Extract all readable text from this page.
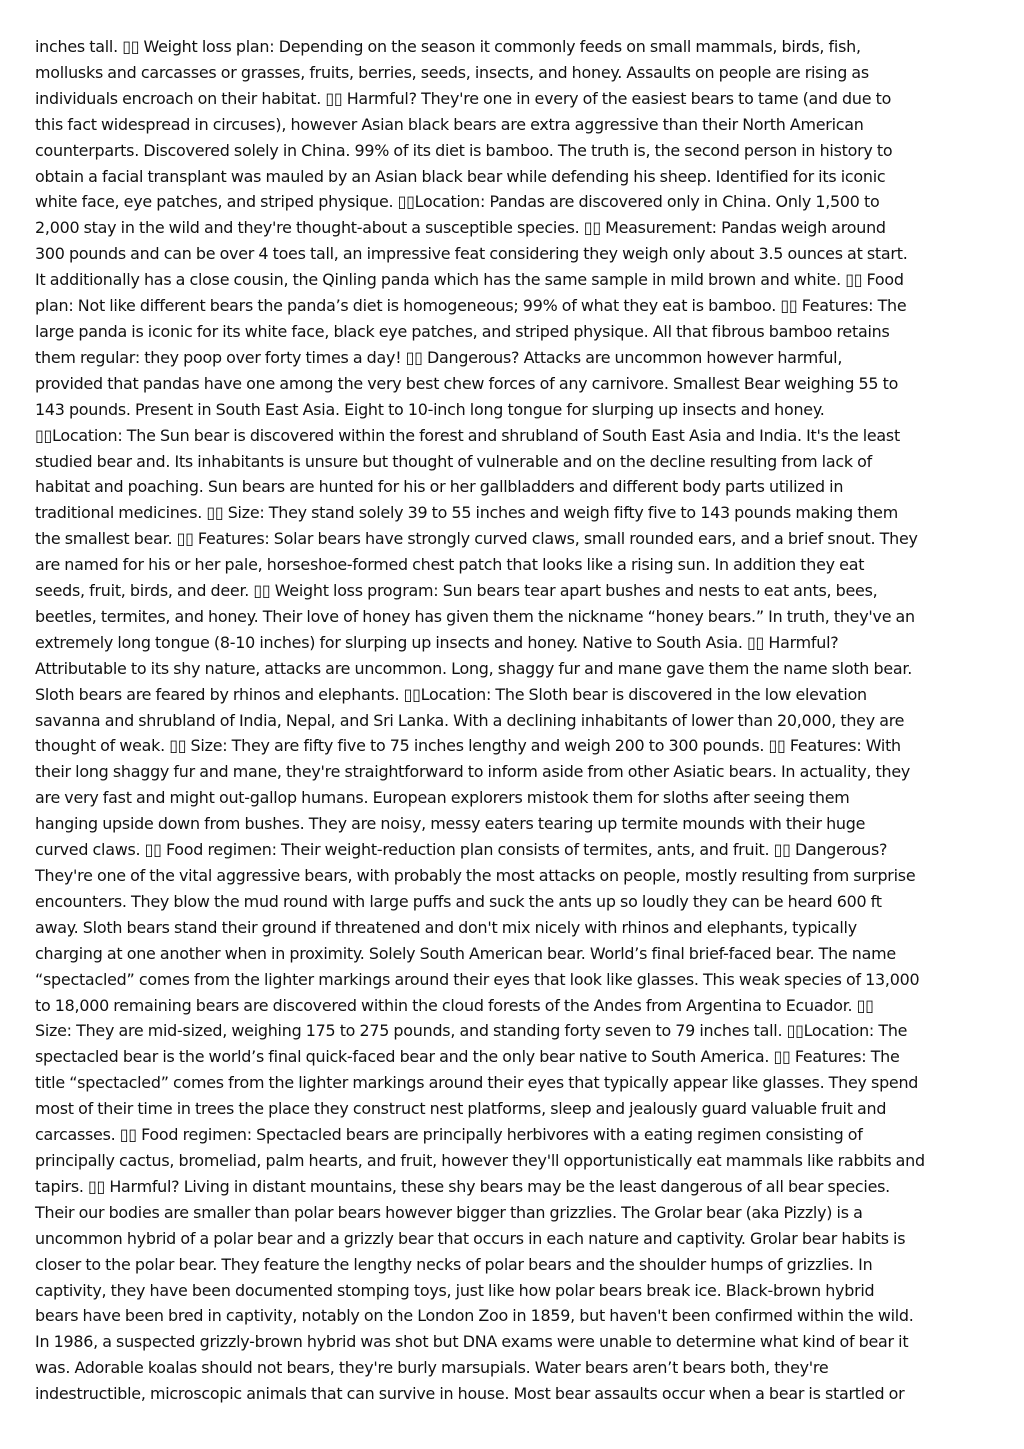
inches tall. ▯▯ Weight loss plan: Depending on the season it commonly feeds on small mammals, birds, fish,
mollusks and carcasses or grasses, fruits, berries, seeds, insects, and honey. Assaults on people are rising as
individuals encroach on their habitat. ▯▯ Harmful? They're one in every of the easiest bears to tame (and due to
this fact widespread in circuses), however Asian black bears are extra aggressive than their North American
counterparts. Discovered solely in China. 99% of its diet is bamboo. The truth is, the second person in history to
obtain a facial transplant was mauled by an Asian black bear while defending his sheep. Identified for its iconic
white face, eye patches, and striped physique. ▯▯Location: Pandas are discovered only in China. Only 1,500 to
2,000 stay in the wild and they're thought-about a susceptible species. ▯▯ Measurement: Pandas weigh around
300 pounds and can be over 4 toes tall, an impressive feat considering they weigh only about 3.5 ounces at start.
It additionally has a close cousin, the Qinling panda which has the same sample in mild brown and white. ▯▯ Food
plan: Not like different bears the panda’s diet is homogeneous; 99% of what they eat is bamboo. ▯▯ Features: The
large panda is iconic for its white face, black eye patches, and striped physique. All that fibrous bamboo retains
them regular: they poop over forty times a day! ▯▯ Dangerous? Attacks are uncommon however harmful,
provided that pandas have one among the very best chew forces of any carnivore. Smallest Bear weighing 55 to
143 pounds. Present in South East Asia. Eight to 10-inch long tongue for slurping up insects and honey.
▯▯Location: The Sun bear is discovered within the forest and shrubland of South East Asia and India. It's the least
studied bear and. Its inhabitants is unsure but thought of vulnerable and on the decline resulting from lack of
habitat and poaching. Sun bears are hunted for his or her gallbladders and different body parts utilized in
traditional medicines. ▯▯ Size: They stand solely 39 to 55 inches and weigh fifty five to 143 pounds making them
the smallest bear. ▯▯ Features: Solar bears have strongly curved claws, small rounded ears, and a brief snout. They
are named for his or her pale, horseshoe-formed chest patch that looks like a rising sun. In addition they eat
seeds, fruit, birds, and deer. ▯▯ Weight loss program: Sun bears tear apart bushes and nests to eat ants, bees,
beetles, termites, and honey. Their love of honey has given them the nickname “honey bears.” In truth, they've an
extremely long tongue (8-10 inches) for slurping up insects and honey. Native to South Asia. ▯▯ Harmful?
Attributable to its shy nature, attacks are uncommon. Long, shaggy fur and mane gave them the name sloth bear.
Sloth bears are feared by rhinos and elephants. ▯▯Location: The Sloth bear is discovered in the low elevation
savanna and shrubland of India, Nepal, and Sri Lanka. With a declining inhabitants of lower than 20,000, they are
thought of weak. ▯▯ Size: They are fifty five to 75 inches lengthy and weigh 200 to 300 pounds. ▯▯ Features: With
their long shaggy fur and mane, they're straightforward to inform aside from other Asiatic bears. In actuality, they
are very fast and might out-gallop humans. European explorers mistook them for sloths after seeing them
hanging upside down from bushes. They are noisy, messy eaters tearing up termite mounds with their huge
curved claws. ▯▯ Food regimen: Their weight-reduction plan consists of termites, ants, and fruit. ▯▯ Dangerous?
They're one of the vital aggressive bears, with probably the most attacks on people, mostly resulting from surprise
encounters. They blow the mud round with large puffs and suck the ants up so loudly they can be heard 600 ft
away. Sloth bears stand their ground if threatened and don't mix nicely with rhinos and elephants, typically
charging at one another when in proximity. Solely South American bear. World’s final brief-faced bear. The name
“spectacled” comes from the lighter markings around their eyes that look like glasses. This weak species of 13,000
to 18,000 remaining bears are discovered within the cloud forests of the Andes from Argentina to Ecuador. ▯▯
Size: They are mid-sized, weighing 175 to 275 pounds, and standing forty seven to 79 inches tall. ▯▯Location: The
spectacled bear is the world’s final quick-faced bear and the only bear native to South America. ▯▯ Features: The
title “spectacled” comes from the lighter markings around their eyes that typically appear like glasses. They spend
most of their time in trees the place they construct nest platforms, sleep and jealously guard valuable fruit and
carcasses. ▯▯ Food regimen: Spectacled bears are principally herbivores with a eating regimen consisting of
principally cactus, bromeliad, palm hearts, and fruit, however they'll opportunistically eat mammals like rabbits and
tapirs. ▯▯ Harmful? Living in distant mountains, these shy bears may be the least dangerous of all bear species.
Their our bodies are smaller than polar bears however bigger than grizzlies. The Grolar bear (aka Pizzly) is a
uncommon hybrid of a polar bear and a grizzly bear that occurs in each nature and captivity. Grolar bear habits is
closer to the polar bear. They feature the lengthy necks of polar bears and the shoulder humps of grizzlies. In
captivity, they have been documented stomping toys, just like how polar bears break ice. Black-brown hybrid
bears have been bred in captivity, notably on the London Zoo in 1859, but haven't been confirmed within the wild.
In 1986, a suspected grizzly-brown hybrid was shot but DNA exams were unable to determine what kind of bear it
was. Adorable koalas should not bears, they're burly marsupials. Water bears aren’t bears both, they're
indestructible, microscopic animals that can survive in house. Most bear assaults occur when a bear is startled or
